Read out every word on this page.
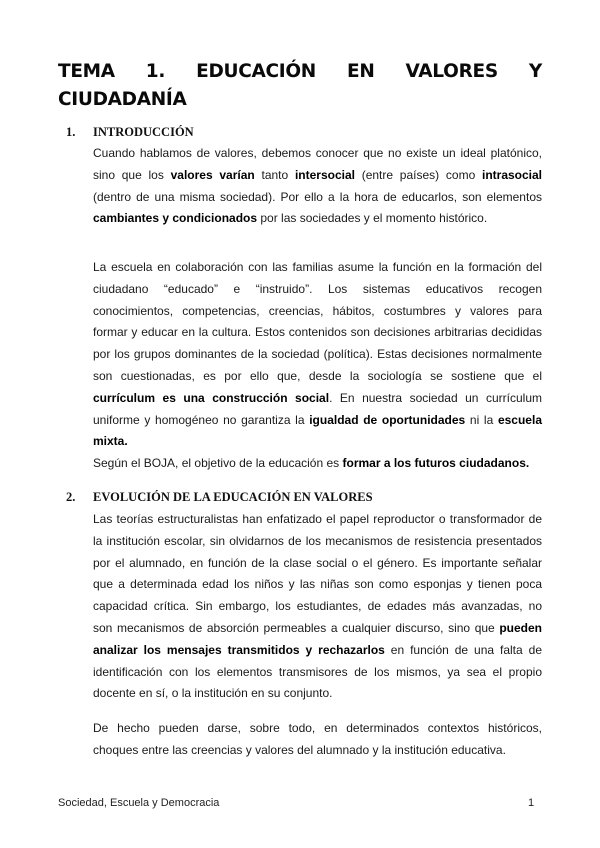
TEMA 1. EDUCACIÓN EN VALORES Y
CIUDADANÍA
1. INTRODUCCIÓN
Cuando hablamos de valores, debemos conocer que no existe un ideal platónico,
sino que los valores varían tanto intersocial (entre países) como intrasocial
(dentro de una misma sociedad). Por ello a la hora de educarlos, son elementos
cambiantes y condicionados por las sociedades y el momento histórico.
La escuela en colaboración con las familias asume la función en la formación del
ciudadano “educado” e “instruido”. Los sistemas educativos recogen
conocimientos, competencias, creencias, hábitos, costumbres y valores para
formar y educar en la cultura. Estos contenidos son decisiones arbitrarias decididas
por los grupos dominantes de la sociedad (política). Estas decisiones normalmente
son cuestionadas, es por ello que, desde la sociología se sostiene que el
currículum es una construcción social. En nuestra sociedad un currículum
uniforme y homogéneo no garantiza la igualdad de oportunidades ni la escuela
mixta.
Según el BOJA, el objetivo de la educación es formar a los futuros ciudadanos.
2. EVOLUCIÓN DE LA EDUCACIÓN EN VALORES
Las teorías estructuralistas han enfatizado el papel reproductor o transformador de
la institución escolar, sin olvidarnos de los mecanismos de resistencia presentados
por el alumnado, en función de la clase social o el género. Es importante señalar
que a determinada edad los niños y las niñas son como esponjas y tienen poca
capacidad crítica. Sin embargo, los estudiantes, de edades más avanzadas, no
son mecanismos de absorción permeables a cualquier discurso, sino que pueden
analizar los mensajes transmitidos y rechazarlos en función de una falta de
identificación con los elementos transmisores de los mismos, ya sea el propio
docente en sí, o la institución en su conjunto.
De hecho pueden darse, sobre todo, en determinados contextos históricos,
choques entre las creencias y valores del alumnado y la institución educativa.

Sociedad, Escuela y Democracia	1
